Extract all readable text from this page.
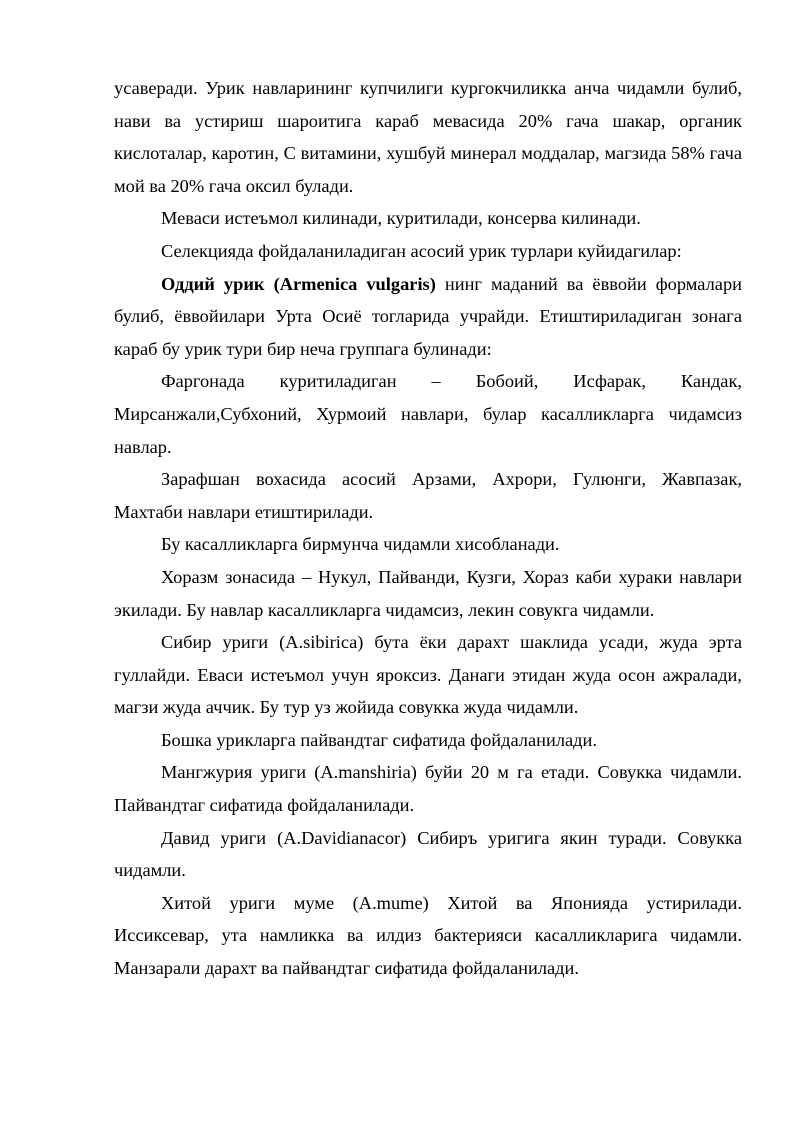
усаверади. Урик навларининг купчилиги кургокчиликка анча чидамли булиб, нави ва устириш шароитига караб мевасида 20% гача шакар, органик кислоталар, каротин, С витамини, хушбуй минерал моддалар, магзида 58% гача мой ва 20% гача оксил булади.

Меваси истеъмол килинади, куритилади, консерва килинади.

Селекцияда фойдаланиладиган асосий урик турлари куйидагилар:

Оддий урик (Armenica vulgaris) нинг маданий ва ёввойи формалари булиб, ёввойилари Урта Осиё тогларида учрайди. Етиштириладиган зонага караб бу урик тури бир неча группага булинади:

Фаргонада куритиладиган – Бобоий, Исфарак, Кандак, Мирсанжали,Субхоний, Хурмоий навлари, булар касалликларга чидамсиз навлар.

Зарафшан вохасида асосий Арзами, Ахрори, Гулюнги, Жавпазак, Махтаби навлари етиштирилади.

Бу касалликларга бирмунча чидамли хисобланади.

Хоразм зонасида – Нукул, Пайванди, Кузги, Хораз каби хураки навлари экилади. Бу навлар касалликларга чидамсиз, лекин совукга чидамли.

Сибир уриги (A.sibirica) бута ёки дарахт шаклида усади, жуда эрта гуллайди. Еваси истеъмол учун яроксиз. Данаги этидан жуда осон ажралади, магзи жуда аччик. Бу тур уз жойида совукка жуда чидамли.

Бошка урикларга пайвандтаг сифатида фойдаланилади.

Мангжурия уриги (A.manshiria) буйи 20 м га етади. Совукка чидамли. Пайвандтаг сифатида фойдаланилади.

Давид уриги (A.Davidianacor) Сибиръ уригига якин туради. Совукка чидамли.

Хитой уриги муме (A.mume) Хитой ва Японияда устирилади. Иссиксевар, ута намликка ва илдиз бактерияси касалликларига чидамли. Манзарали дарахт ва пайвандтаг сифатида фойдаланилади.
